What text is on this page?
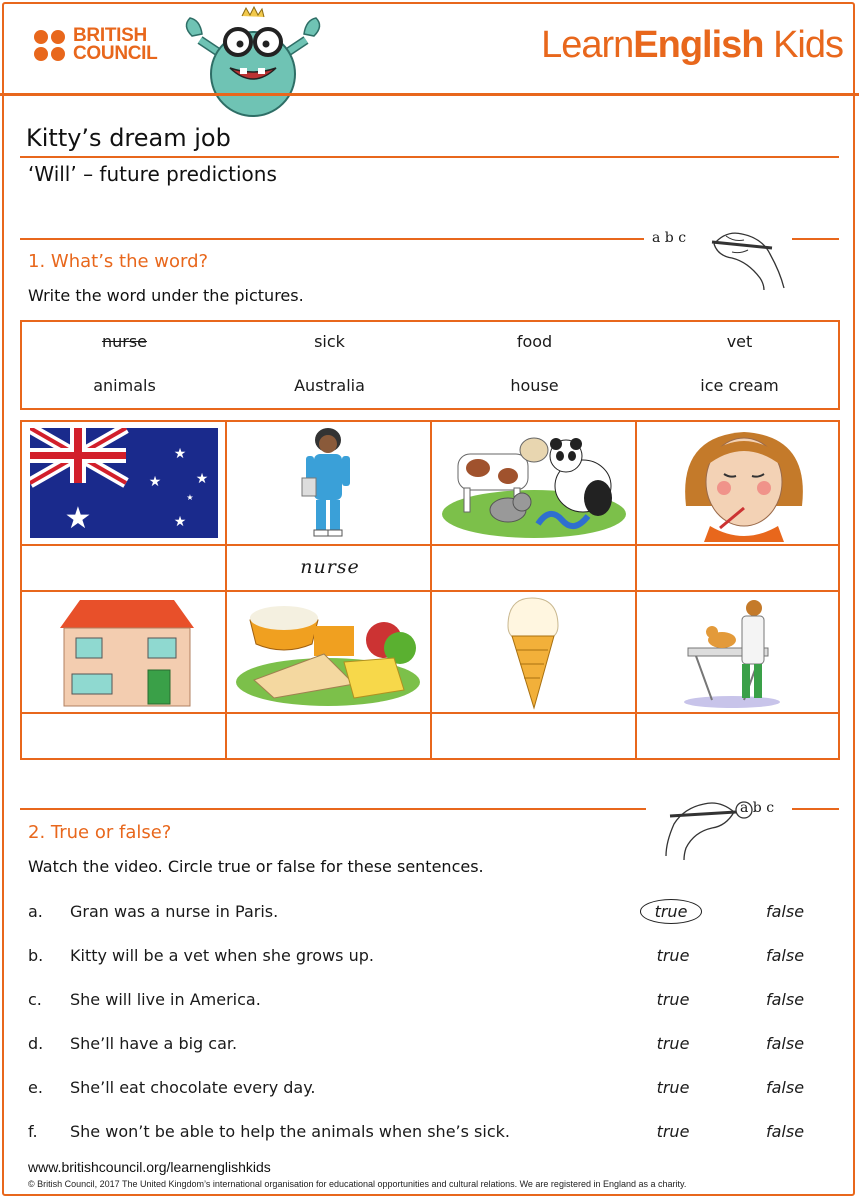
BRITISH
COUNCIL	LearnEnglish Kids
Kitty’s dream job
‘Will’ – future predictions
a b c
1. What’s the word?
Write the word under the pictures.
nurse	sick	food	vet
animals	Australia	house	ice cream
★
★
★ ★
★
★
nurse
a b c
2. True or false?
Watch the video. Circle true or false for these sentences.
a. Gran was a nurse in Paris.	true	false
b. Kitty will be a vet when she grows up.	true	false
c. She will live in America.	true	false
d. She’ll have a big car.	true	false
e. She’ll eat chocolate every day.	true	false
f. She won’t be able to help the animals when she’s sick.	true	false
www.britishcouncil.org/learnenglishkids
© British Council, 2017 The United Kingdom’s international organisation for educational opportunities and cultural relations. We are registered in England as a charity.
